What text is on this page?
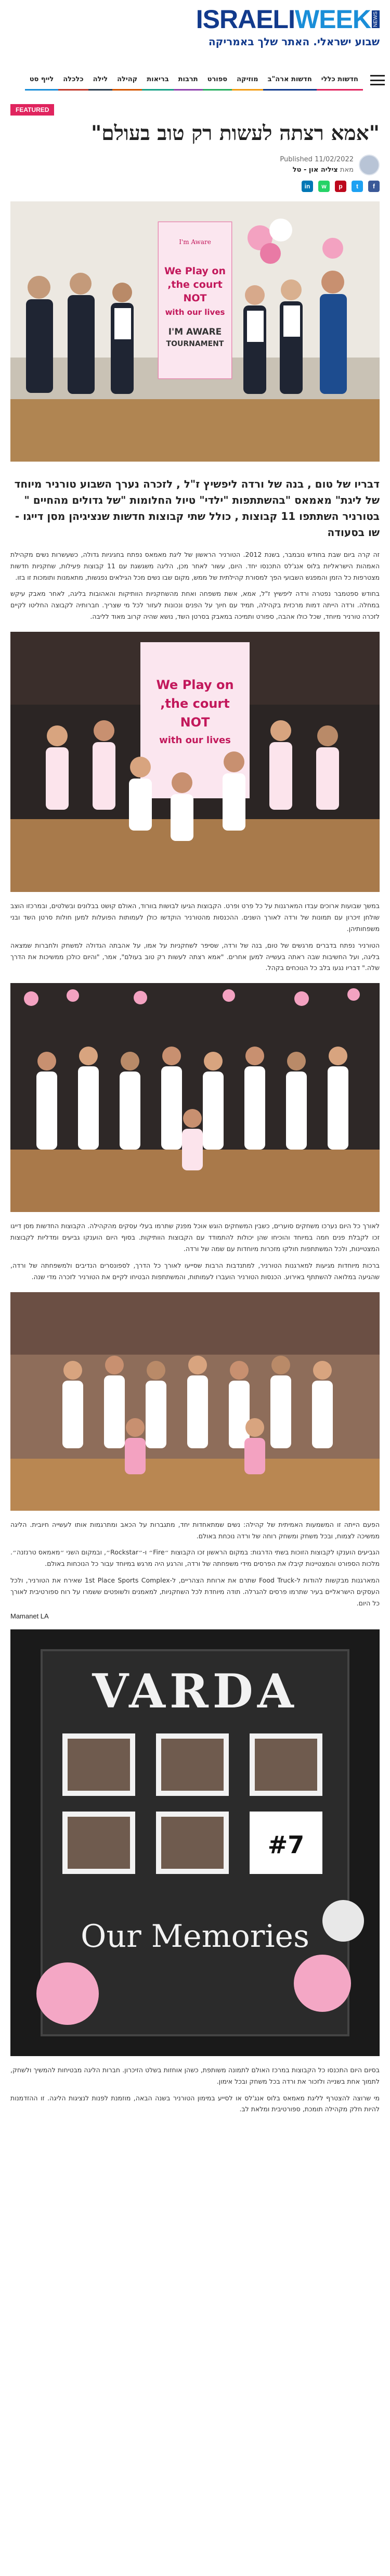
ISRAELI WEEK NEWS
שבוע ישראלי. האתר שלך באמריקה
חדשות כללי
חדשות ארה"ב
מוזיקה
ספורט
תרבות
בריאות
קהילה
לילה
כלכלה
לייף סט
FEATURED
"אמא רצתה לעשות רק טוב בעולם"
Published 11/02/2022
מאת ציליה און - טל
f
t
p
w
in
I'm Aware
We Play on
the court,
NOT
with our lives
I'M AWARE
TOURNAMENT
דבריו של טום , בנה של ורדה ליפשיץ ז"ל , לזכרה נערך השבוע טורניר מיוחד של ליגת" מאמאס "בהשתתפות "ילדי" טיול החלומות "של גדולים מהחיים " בטורניר השתתפו 11 קבוצות , כולל שתי קבוצות חדשות שנציגיהן מסן דייגו - שו בסעודה

זה קרה ביום שבת בחודש נובמבר, בשנת 2012. הטורניר הראשון של ליגת מאמאס נפתח בחגיגיות גדולה, כשעשרות נשים מקהילת האמהות הישראליות בלוס אנג'לס התכנסו יחד. היום, עשור לאחר מכן, הליגה משגשגת עם 11 קבוצות פעילות, שחקניות חדשות מצטרפות כל הזמן והמפגש השבועי הפך למסורת קהילתית של ממש, מקום שבו נשים מכל הגילאים נפגשות, מתאמנות ותומכות זו בזו.

בחודש ספטמבר נפטרה ורדה ליפשיץ ז"ל, אמא, אשת משפחה ואחת מהשחקניות הוותיקות והאהובות בליגה, לאחר מאבק עיקש במחלה. ורדה הייתה דמות מרכזית בקהילה, תמיד עם חיוך על הפנים ונכונות לעזור לכל מי שצריך. חברותיה לקבוצה החליטו לקיים לזכרה טורניר מיוחד, שכל כולו אהבה, ספורט ותמיכה במאבק בסרטן השד, נושא שהיה קרוב מאוד לליבה.

We Play on
the court,
NOT
with our lives

במשך שבועות ארוכים עבדו המארגנות על כל פרט ופרט. הקבוצות הגיעו לבושות בוורוד, האולם קושט בבלונים ובשלטים, ובמרכזו הוצב שולחן זיכרון עם תמונות של ורדה לאורך השנים. ההכנסות מהטורניר הוקדשו כולן לעמותות הפועלות למען חולות סרטן השד ובני משפחותיהן.

הטורניר נפתח בדברים מרגשים של טום, בנה של ורדה, שסיפר לשחקניות על אמו, על אהבתה הגדולה למשחק ולחברות שמצאה בליגה, ועל החשיבות שבה ראתה בעשייה למען אחרים. "אמא רצתה לעשות רק טוב בעולם", אמר, "והיום כולכן ממשיכות את הדרך שלה." דבריו נגעו בלב כל הנוכחים בקהל.

לאורך כל היום נערכו משחקים סוערים, כשבין המשחקים הוגש אוכל מפנק שתרמו בעלי עסקים מהקהילה. הקבוצות החדשות מסן דייגו זכו לקבלת פנים חמה במיוחד והוכיחו שהן יכולות להתמודד עם הקבוצות הוותיקות. בסוף היום הוענקו גביעים ומדליות לקבוצות המצטיינות, ולכל המשתתפות חולקו מזכרות מיוחדות עם שמה של ורדה.

ברכות מיוחדות מגיעות למארגנות הטורניר, למתנדבות הרבות שסייעו לאורך כל הדרך, לספונסרים הנדיבים ולמשפחתה של ורדה, שהגיעה במלואה להשתתף באירוע. הכנסות הטורניר הועברו לעמותות, והמשתתפות הבטיחו לקיים את הטורניר לזכרה מדי שנה.

הפעם הייתה זו המשמעות האמיתית של קהילה: נשים שמתאחדות יחד, מתגברות על הכאב ומתרגמות אותו לעשייה חיובית. הליגה ממשיכה לצמוח, ובכל משחק ומשחק רוחה של ורדה נוכחת באולם.

הגביעים הוענקו לקבוצות הזוכות בשתי הדרגות: במקום הראשון זכו הקבוצות ״Fire״ ו-״Rockstar״, ובמקום השני ״מאמאס טרנזנה״. מלכות הספורט והמצטיינות קיבלו את הפרסים מידי משפחתה של ורדה, והרגע היה מרגש במיוחד עבור כל הנוכחות באולם.

המארגנות מבקשות להודות ל-Food Truck שתרם את ארוחת הצהריים, ל-1st Place Sports Complex שאירח את הטורניר, ולכל העסקים הישראליים בעיר שתרמו פרסים להגרלה. תודה מיוחדת לכל השחקניות, למאמנים ולשופטים ששמרו על רוח ספורטיבית לאורך כל היום.

Mamanet LA
VARDA
#7
Our Memories

בסיום היום התכנסו כל הקבוצות במרכז האולם לתמונה משותפת, כשהן אוחזות בשלט הזיכרון. חברות הליגה מבטיחות להמשיך ולשחק, לתמוך אחת בשנייה ולזכור את ורדה בכל משחק ובכל אימון.

מי שרוצה להצטרף לליגת מאמאס בלוס אנג'לס או לסייע במימון הטורניר בשנה הבאה, מוזמנת לפנות לנציגות הליגה. זו ההזדמנות להיות חלק מקהילה תומכת, ספורטיבית ומלאת לב.
